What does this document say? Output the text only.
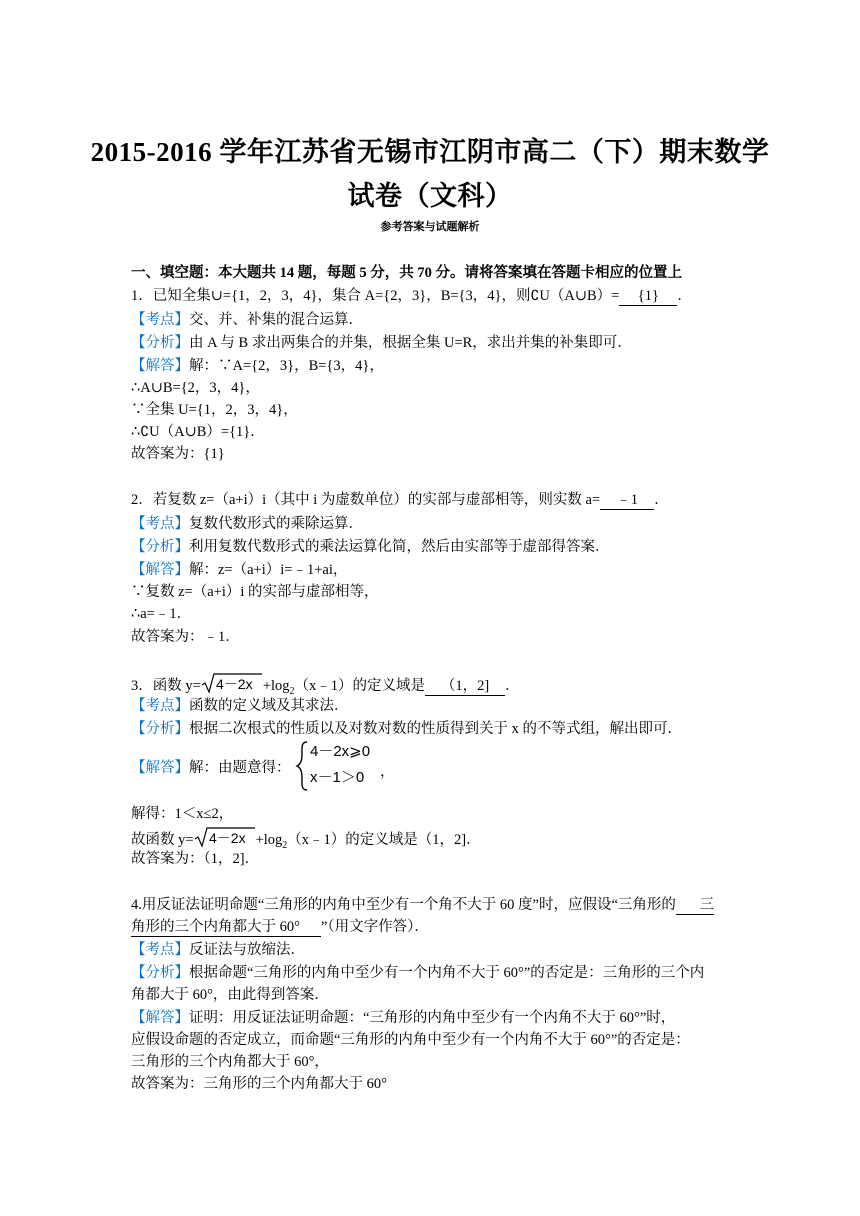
2015-2016 学年江苏省无锡市江阴市高二（下）期末数学
试卷（文科）
参考答案与试题解析
一、填空题：本大题共 14 题，每题 5 分，共 70 分。请将答案填在答题卡相应的位置上
1．已知全集∪={1，2，3，4}，集合 A={2，3}，B={3，4}，则∁U（A∪B）= {1} ．
【考点】交、并、补集的混合运算．
【分析】由 A 与 B 求出两集合的并集，根据全集 U=R，求出并集的补集即可．
【解答】解：∵A={2，3}，B={3，4}，
∴A∪B={2，3，4}，
∵全集 U={1，2，3，4}，
∴∁U（A∪B）={1}．
故答案为：{1}
2．若复数 z=（a+i）i（其中 i 为虚数单位）的实部与虚部相等，则实数 a= ﹣1 ．
【考点】复数代数形式的乘除运算．
【分析】利用复数代数形式的乘法运算化简，然后由实部等于虚部得答案．
【解答】解：z=（a+i）i=﹣1+ai，
∵复数 z=（a+i）i 的实部与虚部相等，
∴a=﹣1．
故答案为：﹣1．
3．函数 $y= 4-2x +\log_2(x﹣1)$的定义域是 （1，2] ．
【考点】函数的定义域及其求法．
【分析】根据二次根式的性质以及对数对数的性质得到关于 x 的不等式组，解出即可．
【解答】解：由题意得：
4－2x⩾0
x－1＞0 ，
解得：1＜x≤2，
故函数 $y= 4-2x +\log_2(x﹣1)$的定义域是（1，2]．
故答案为：（1，2]．
4.用反证法证明命题“三角形的内角中至少有一个角不大于 60 度”时，应假设“三角形的 三
角形的三个内角都大于 60° ”（用文字作答）．
【考点】反证法与放缩法．
【分析】根据命题“三角形的内角中至少有一个内角不大于 60°”的否定是：三角形的三个内
角都大于 60°，由此得到答案．
【解答】证明：用反证法证明命题：“三角形的内角中至少有一个内角不大于 60°”时，
应假设命题的否定成立，而命题“三角形的内角中至少有一个内角不大于 60°”的否定是：
三角形的三个内角都大于 60°，
故答案为：三角形的三个内角都大于 60°
